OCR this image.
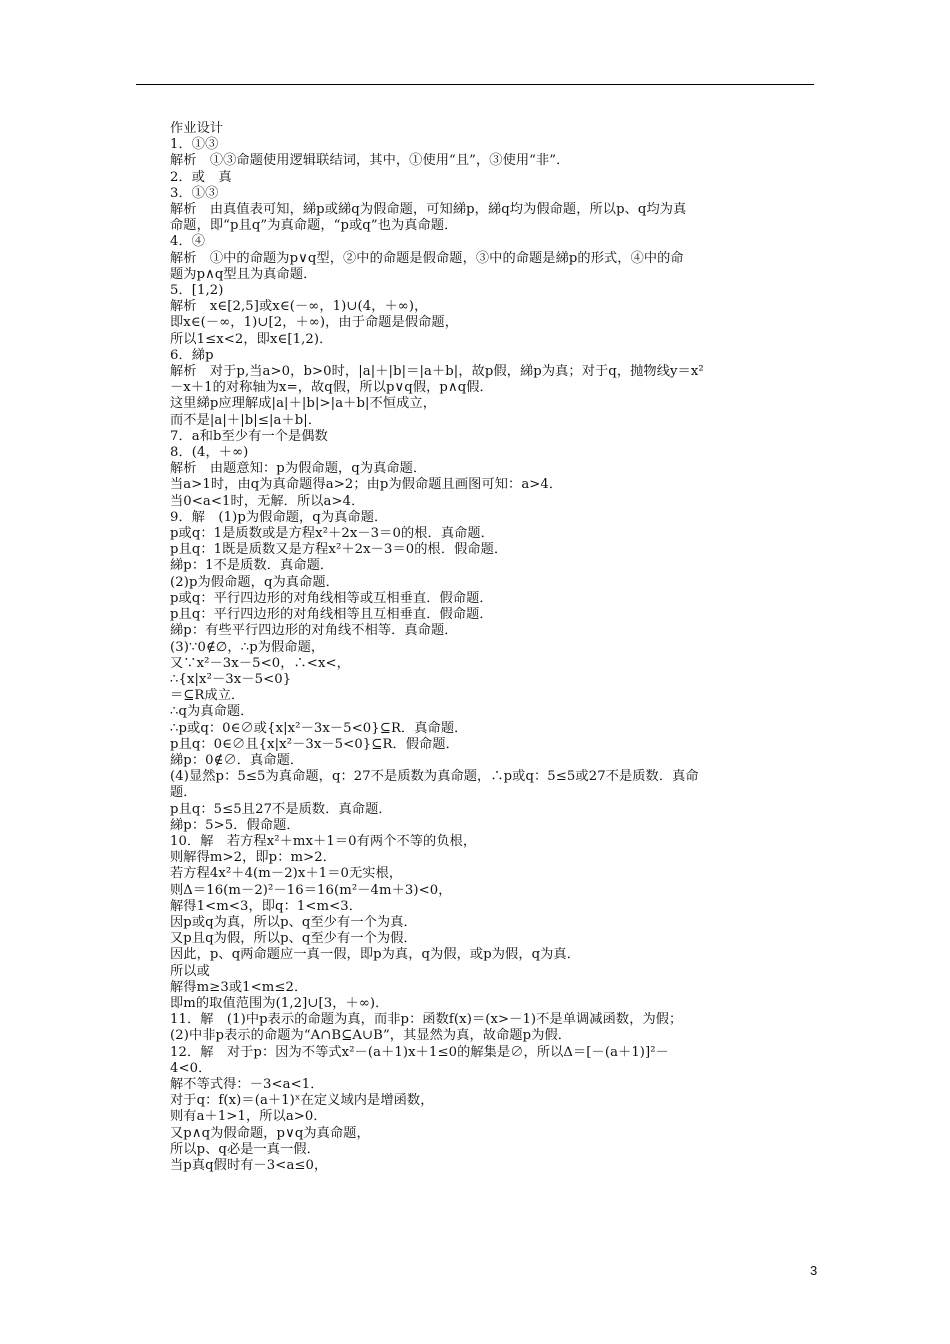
作业设计
1．①③
解析　①③命题使用逻辑联结词，其中，①使用“且”，③使用“非”．
2．或　真
3．①③
解析　由真值表可知，綈p或綈q为假命题，可知綈p，綈q均为假命题，所以p、q均为真
命题，即“p且q”为真命题，“p或q”也为真命题．
4．④
解析　①中的命题为p∨q型，②中的命题是假命题，③中的命题是綈p的形式，④中的命
题为p∧q型且为真命题．
5．[1,2)
解析　x∈[2,5]或x∈(－∞，1)∪(4，＋∞)，
即x∈(－∞，1)∪[2，＋∞)，由于命题是假命题，
所以1≤x<2，即x∈[1,2)．
6．綈p
解析　对于p,当a>0，b>0时，|a|＋|b|＝|a＋b|，故p假，綈p为真；对于q，抛物线y＝x²
－x＋1的对称轴为x=，故q假，所以p∨q假，p∧q假．
这里綈p应理解成|a|＋|b|>|a＋b|不恒成立，
而不是|a|＋|b|≤|a＋b|．
7．a和b至少有一个是偶数
8．(4，＋∞)
解析　由题意知：p为假命题，q为真命题．
当a>1时，由q为真命题得a>2；由p为假命题且画图可知：a>4．
当0<a<1时，无解．所以a>4．
9．解　(1)p为假命题，q为真命题．
p或q：1是质数或是方程x²＋2x－3＝0的根．真命题．
p且q：1既是质数又是方程x²＋2x－3＝0的根．假命题．
綈p：1不是质数．真命题．
(2)p为假命题，q为真命题．
p或q：平行四边形的对角线相等或互相垂直．假命题．
p且q：平行四边形的对角线相等且互相垂直．假命题．
綈p：有些平行四边形的对角线不相等．真命题．
(3)∵0∉∅，∴p为假命题，
又∵x²－3x－5<0，∴<x<，
∴{x|x²－3x－5<0}
＝⊆R成立．
∴q为真命题．
∴p或q：0∈∅或{x|x²－3x－5<0}⊆R．真命题．
p且q：0∈∅且{x|x²－3x－5<0}⊆R．假命题．
綈p：0∉∅．真命题．
(4)显然p：5≤5为真命题，q：27不是质数为真命题，∴p或q：5≤5或27不是质数．真命
题．
p且q：5≤5且27不是质数．真命题．
綈p：5>5．假命题．
10．解　若方程x²＋mx＋1＝0有两个不等的负根，
则解得m>2，即p：m>2．
若方程4x²＋4(m－2)x＋1＝0无实根，
则Δ＝16(m－2)²－16＝16(m²－4m＋3)<0，
解得1<m<3，即q：1<m<3．
因p或q为真，所以p、q至少有一个为真．
又p且q为假，所以p、q至少有一个为假．
因此，p、q两命题应一真一假，即p为真，q为假，或p为假，q为真．
所以或
解得m≥3或1<m≤2．
即m的取值范围为(1,2]∪[3，＋∞)．
11．解　(1)中p表示的命题为真，而非p：函数f(x)＝(x>－1)不是单调减函数，为假；
(2)中非p表示的命题为“A∩B⊆A∪B”，其显然为真，故命题p为假．
12．解　对于p：因为不等式x²－(a＋1)x＋1≤0的解集是∅，所以Δ＝[－(a＋1)]²－
4<0．
解不等式得：－3<a<1．
对于q：f(x)＝(a＋1)ˣ在定义域内是增函数，
则有a＋1>1，所以a>0．
又p∧q为假命题，p∨q为真命题，
所以p、q必是一真一假．
当p真q假时有－3<a≤0，
3
